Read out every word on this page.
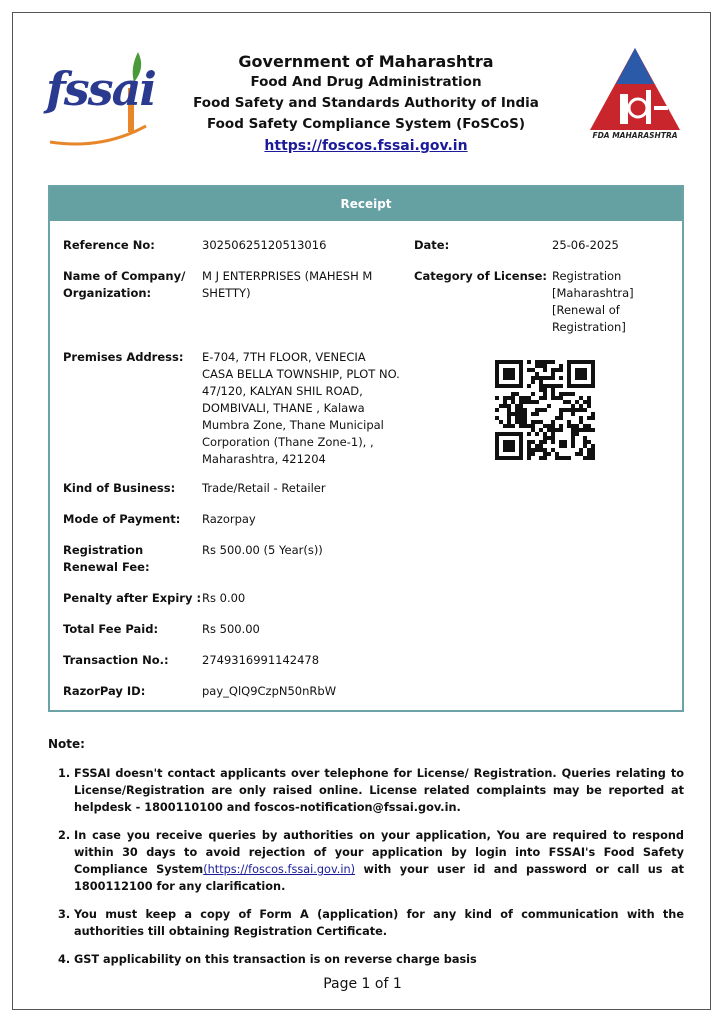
fssai
FDA MAHARASHTRA
Government of Maharashtra
Food And Drug Administration
Food Safety and Standards Authority of India
Food Safety Compliance System (FoSCoS)
https://foscos.fssai.gov.in
Receipt
Reference No:	30250625120513016	Date:	25-06-2025
Name of Company/ Organization:
M J ENTERPRISES (MAHESH M SHETTY)
Category of License: Registration [Maharashtra] [Renewal of Registration]
Premises Address: E-704, 7TH FLOOR, VENECIA CASA BELLA TOWNSHIP, PLOT NO. 47/120, KALYAN SHIL ROAD, DOMBIVALI, THANE , Kalawa Mumbra Zone, Thane Municipal Corporation (Thane Zone-1), , Maharashtra, 421204
Kind of Business: Trade/Retail - Retailer
Mode of Payment: Razorpay
Registration Renewal Fee:
Rs 500.00 (5 Year(s))
Penalty after Expiry : Rs 0.00
Total Fee Paid:	Rs 500.00
Transaction No.:	2749316991142478
RazorPay ID:	pay_QlQ9CzpN50nRbW
Note:
1. FSSAI doesn't contact applicants over telephone for License/ Registration. Queries relating to License/Registration are only raised online. License related complaints may be reported at helpdesk - 1800110100 and foscos-notification@fssai.gov.in.
2. In case you receive queries by authorities on your application, You are required to respond within 30 days to avoid rejection of your application by login into FSSAI's Food Safety Compliance System(https://foscos.fssai.gov.in) with your user id and password or call us at 1800112100 for any clarification.
3. You must keep a copy of Form A (application) for any kind of communication with the authorities till obtaining Registration Certificate.
4. GST applicability on this transaction is on reverse charge basis
Page 1 of 1
